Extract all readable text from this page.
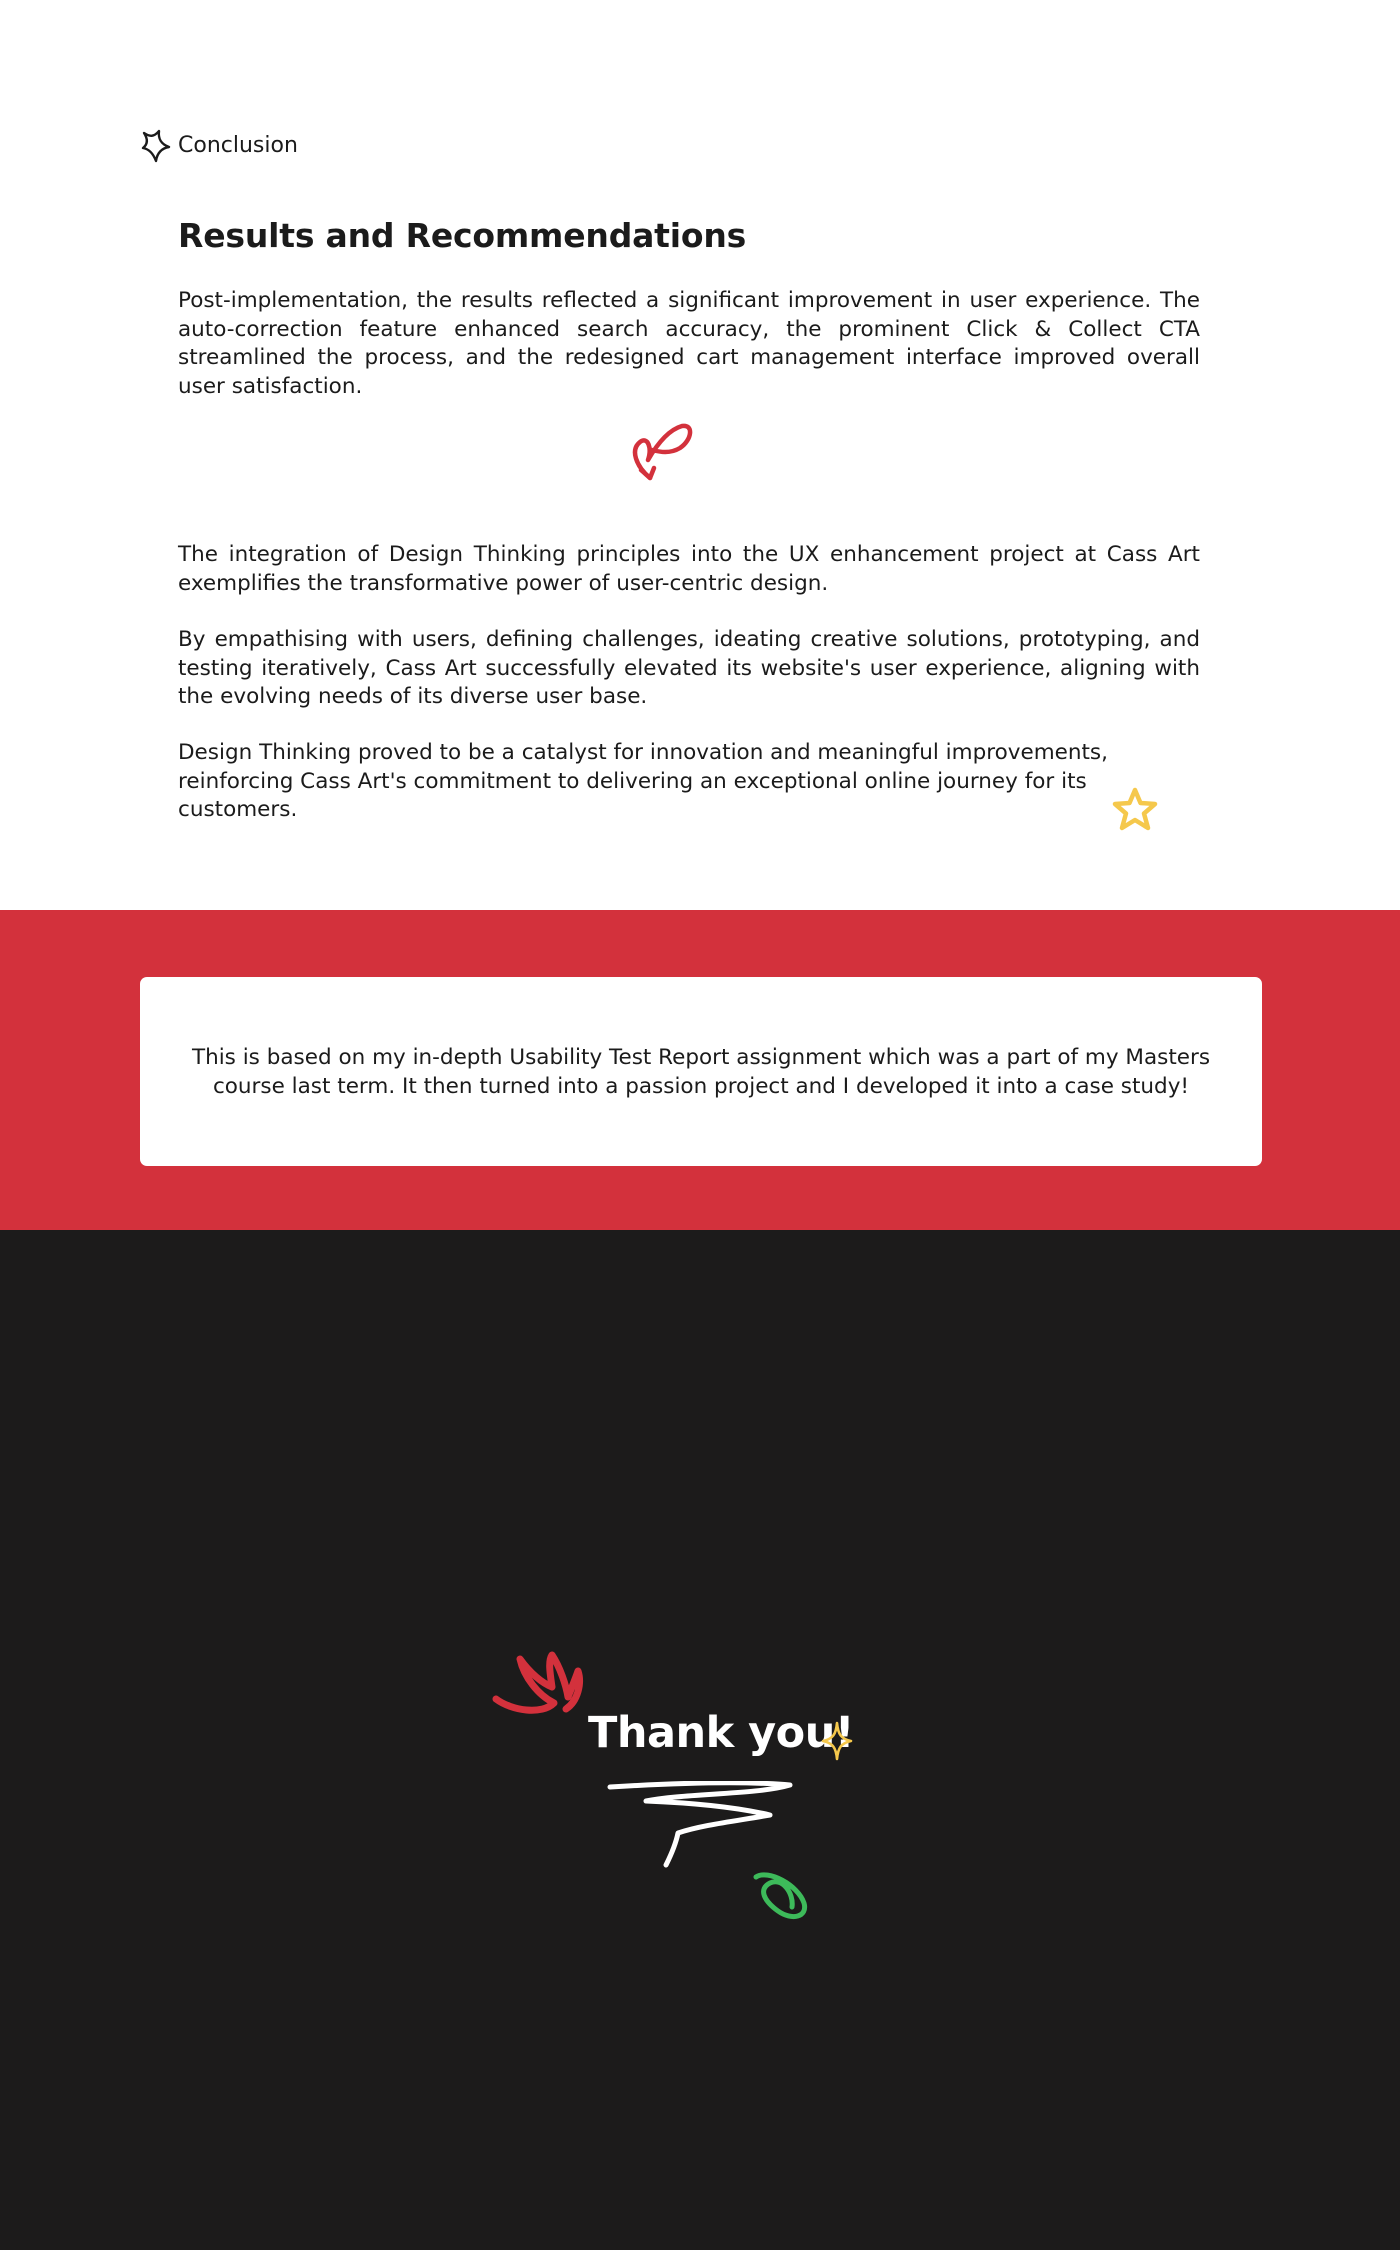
Conclusion
Results and Recommendations

Post-implementation, the results reflected a significant improvement in user experience. The auto-correction feature enhanced search accuracy, the prominent Click & Collect CTA streamlined the process, and the redesigned cart management interface improved overall user satisfaction.

The integration of Design Thinking principles into the UX enhancement project at Cass Art exemplifies the transformative power of user-centric design.

By empathising with users, defining challenges, ideating creative solutions, prototyping, and testing iteratively, Cass Art successfully elevated its website's user experience, aligning with the evolving needs of its diverse user base.

Design Thinking proved to be a catalyst for innovation and meaningful improvements, reinforcing Cass Art's commitment to delivering an exceptional online journey for its customers.

This is based on my in-depth Usability Test Report assignment which was a part of my Masters course last term. It then turned into a passion project and I developed it into a case study!

Thank you!
